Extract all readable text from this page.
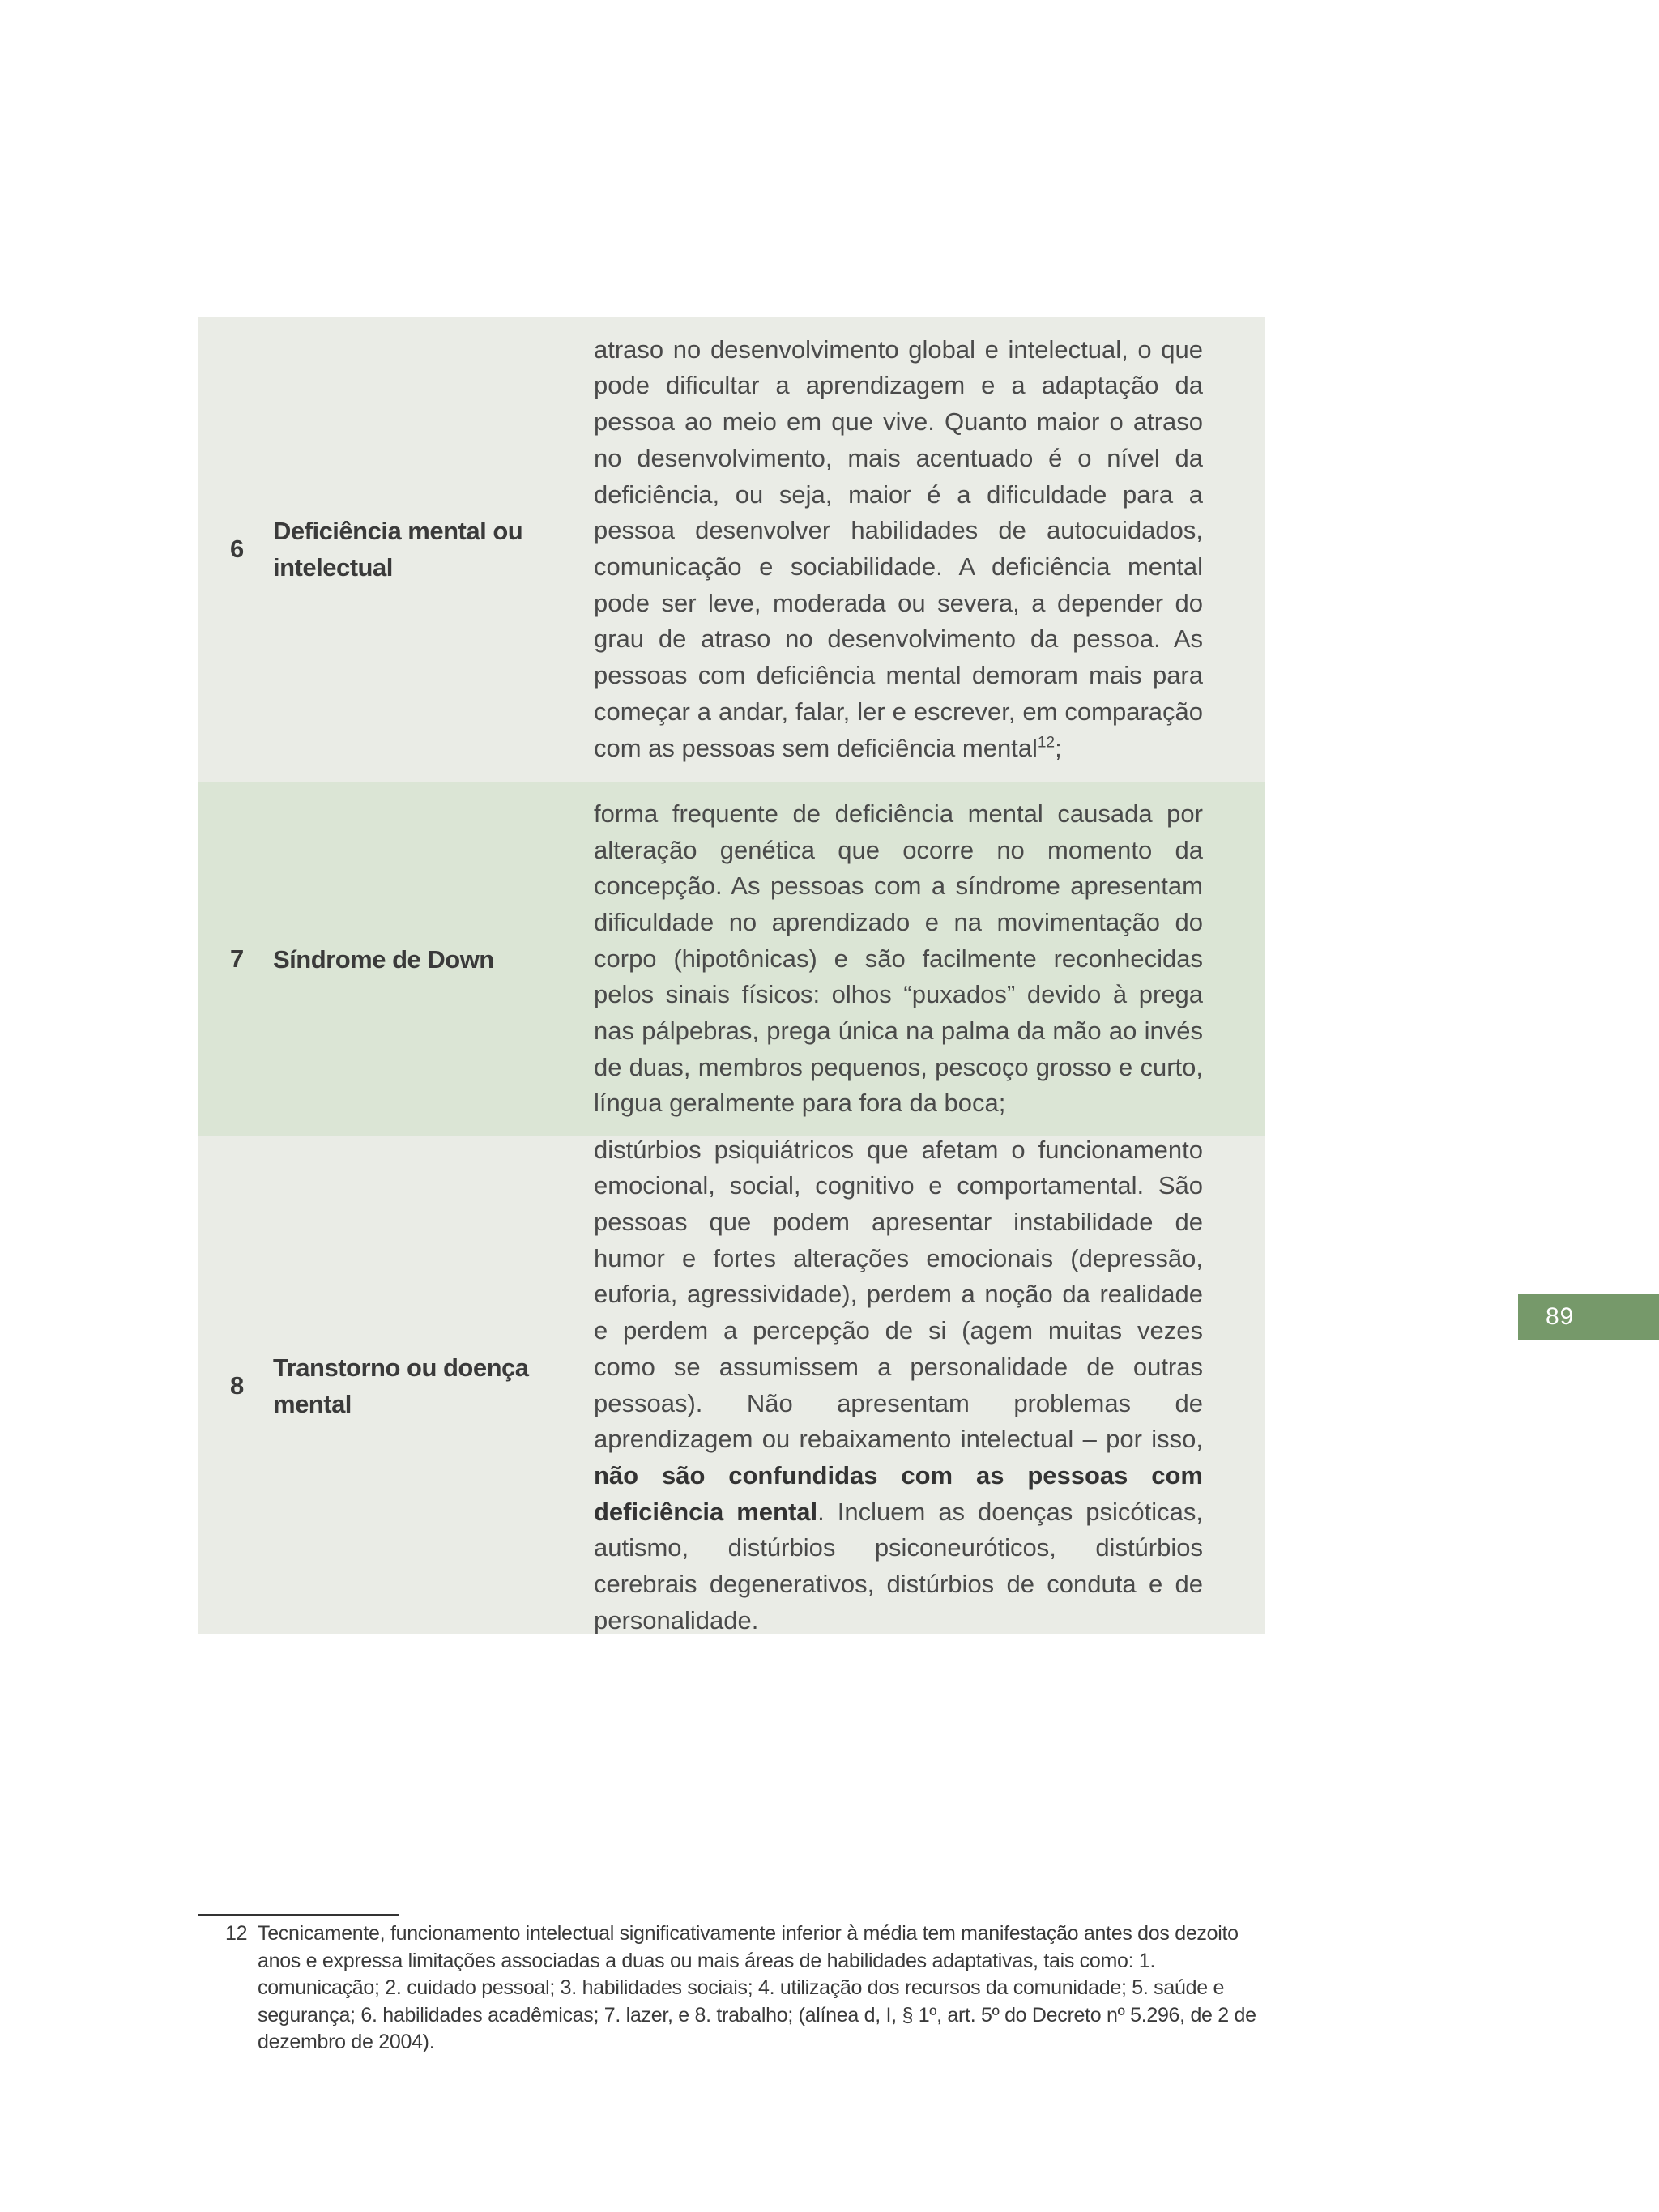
6
Deficiência mental ou intelectual
atraso no desenvolvimento global e intelectual, o que pode dificultar a aprendizagem e a adaptação da pessoa ao meio em que vive. Quanto maior o atraso no desenvolvimento, mais acentuado é o nível da deficiência, ou seja, maior é a dificuldade para a pessoa desenvolver habilidades de autocuidados, comunicação e sociabilidade. A deficiência mental pode ser leve, moderada ou severa, a depender do grau de atraso no desenvolvimento da pessoa. As pessoas com deficiência mental demoram mais para começar a andar, falar, ler e escrever, em comparação com as pessoas sem deficiência mental$^{12}$;
7	Síndrome de Down
forma frequente de deficiência mental causada por alteração genética que ocorre no momento da concepção. As pessoas com a síndrome apresentam dificuldade no aprendizado e na movimentação do corpo (hipotônicas) e são facilmente reconhecidas pelos sinais físicos: olhos “puxados” devido à prega nas pálpebras, prega única na palma da mão ao invés de duas, membros pequenos, pescoço grosso e curto, língua geralmente para fora da boca;
8
Transtorno ou doença mental
distúrbios psiquiátricos que afetam o funcionamento emocional, social, cognitivo e comportamental. São pessoas que podem apresentar instabilidade de humor e fortes alterações emocionais (depressão, euforia, agressividade), perdem a noção da realidade e perdem a percepção de si (agem muitas vezes como se assumissem a personalidade de outras pessoas). Não apresentam problemas de aprendizagem ou rebaixamento intelectual – por isso, não são confundidas com as pessoas com deficiência mental. Incluem as doenças psicóticas, autismo, distúrbios psiconeuróticos, distúrbios cerebrais degenerativos, distúrbios de conduta e de personalidade.
89
12 Tecnicamente, funcionamento intelectual significativamente inferior à média tem manifestação antes dos dezoito anos e expressa limitações associadas a duas ou mais áreas de habilidades adaptativas, tais como: 1. comunicação; 2. cuidado pessoal; 3. habilidades sociais; 4. utilização dos recursos da comunidade; 5. saúde e segurança; 6. habilidades acadêmicas; 7. lazer, e 8. trabalho; (alínea d, I, § 1º, art. 5º do Decreto nº 5.296, de 2 de dezembro de 2004).
